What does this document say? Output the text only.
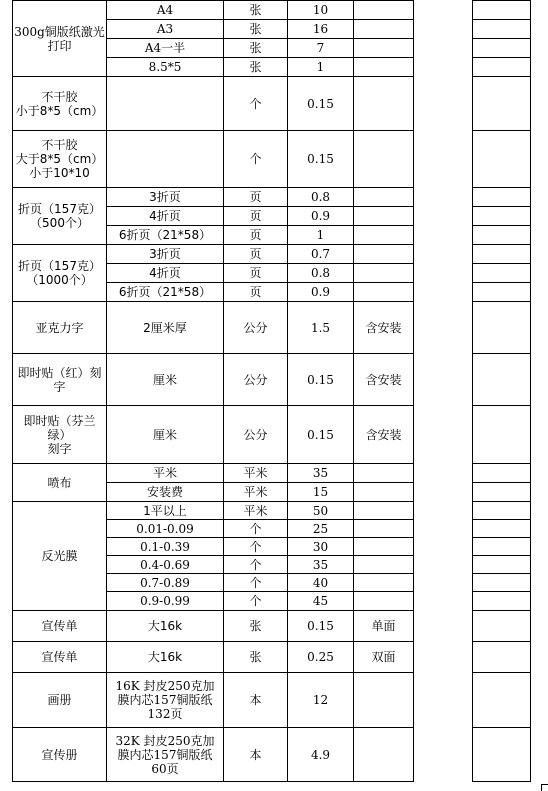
300g铜版纸激光打印	A4	张	10	
	A3	张	16	
	A4一半	张	7	
	8.5*5	张	1	
不干胶
小于8*5（cm）		个	0.15	
不干胶
大于8*5（cm）
小于10*10		个	0.15	
折页（157克）
（500个）	3折页	页	0.8	
	4折页	页	0.9	
	6折页（21*58）	页	1	
折页（157克）
（1000个）	3折页	页	0.7	
	4折页	页	0.8	
	6折页（21*58）	页	0.9	
亚克力字	2厘米厚	公分	1.5	含安装
即时贴（红）刻字	厘米	公分	0.15	含安装
即时贴（芬兰绿）
刻字	厘米	公分	0.15	含安装
喷布	平米	平米	35	
	安装费	平米	15	
反光膜	1平以上	平米	50	
	0.01-0.09	个	25	
	0.1-0.39	个	30	
	0.4-0.69	个	35	
	0.7-0.89	个	40	
	0.9-0.99	个	45	
宣传单	大16k	张	0.15	单面
宣传单	大16k	张	0.25	双面
画册	16K 封皮250克加
膜内芯157铜版纸
132页	本	12	
宣传册	32K 封皮250克加
膜内芯157铜版纸
60页	本	4.9	
